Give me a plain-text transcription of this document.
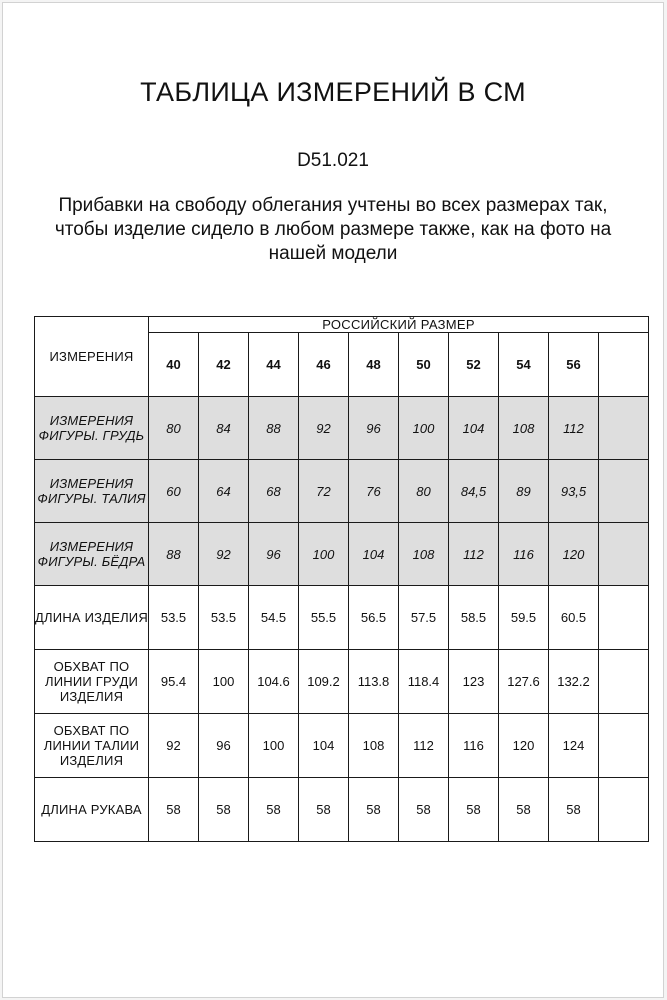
ТАБЛИЦА ИЗМЕРЕНИЙ В СМ
D51.021
Прибавки на свободу облегания учтены во всех размерах так, чтобы изделие сидело в любом размере также, как на фото на нашей модели
ИЗМЕРЕНИЯ	РОССИЙСКИЙ РАЗМЕР									
	40	42	44	46	48	50	52	54	56	
ИЗМЕРЕНИЯ
ФИГУРЫ. ГРУДЬ	80	84	88	92	96	100	104	108	112	
ИЗМЕРЕНИЯ
ФИГУРЫ. ТАЛИЯ	60	64	68	72	76	80	84,5	89	93,5	
ИЗМЕРЕНИЯ
ФИГУРЫ. БЁДРА	88	92	96	100	104	108	112	116	120	
ДЛИНА ИЗДЕЛИЯ	53.5	53.5	54.5	55.5	56.5	57.5	58.5	59.5	60.5	
ОБХВАТ ПО
ЛИНИИ ГРУДИ
ИЗДЕЛИЯ	95.4	100	104.6	109.2	113.8	118.4	123	127.6	132.2	
ОБХВАТ ПО
ЛИНИИ ТАЛИИ
ИЗДЕЛИЯ	92	96	100	104	108	112	116	120	124	
ДЛИНА РУКАВА	58	58	58	58	58	58	58	58	58	
